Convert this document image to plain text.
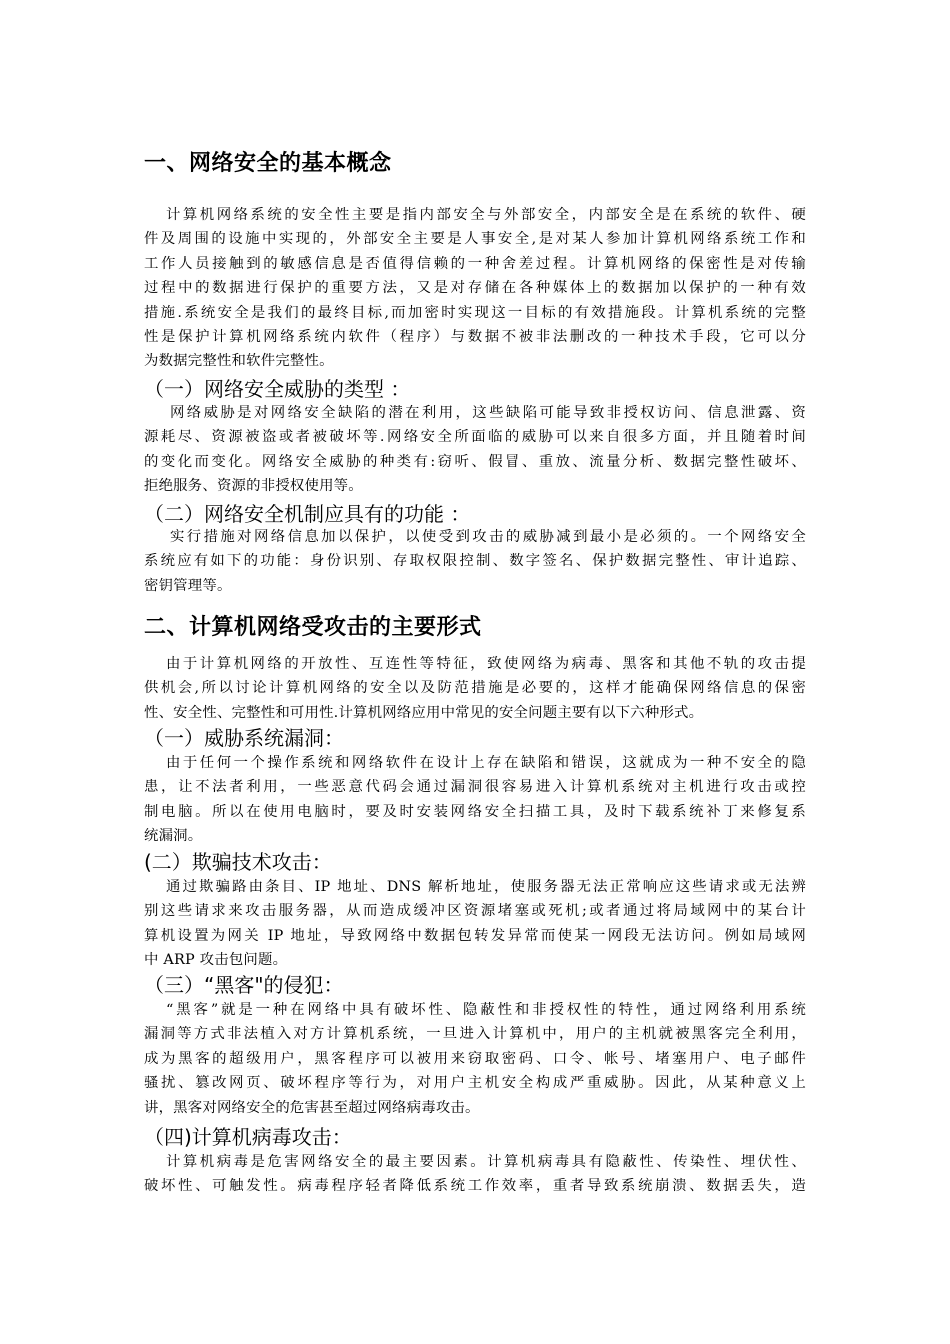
一、网络安全的基本概念
计算机网络系统的安全性主要是指内部安全与外部安全，内部安全是在系统的软件、硬
件及周围的设施中实现的，外部安全主要是人事安全,是对某人参加计算机网络系统工作和
工作人员接触到的敏感信息是否值得信赖的一种舍差过程。计算机网络的保密性是对传输
过程中的数据进行保护的重要方法，又是对存储在各种媒体上的数据加以保护的一种有效
措施.系统安全是我们的最终目标,而加密时实现这一目标的有效措施段。计算机系统的完整
性是保护计算机网络系统内软件（程序）与数据不被非法删改的一种技术手段，它可以分
为数据完整性和软件完整性。
（一）网络安全威胁的类型 ：
网络威胁是对网络安全缺陷的潜在利用，这些缺陷可能导致非授权访问、信息泄露、资
源耗尽、资源被盗或者被破坏等.网络安全所面临的威胁可以来自很多方面，并且随着时间
的变化而变化。网络安全威胁的种类有:窃听、假冒、重放、流量分析、数据完整性破坏、
拒绝服务、资源的非授权使用等。
（二）网络安全机制应具有的功能 ：
实行措施对网络信息加以保护，以使受到攻击的威胁减到最小是必须的。一个网络安全
系统应有如下的功能：身份识别、存取权限控制、数字签名、保护数据完整性、审计追踪、
密钥管理等。
二、计算机网络受攻击的主要形式
由于计算机网络的开放性、互连性等特征，致使网络为病毒、黑客和其他不轨的攻击提
供机会,所以讨论计算机网络的安全以及防范措施是必要的，这样才能确保网络信息的保密
性、安全性、完整性和可用性.计算机网络应用中常见的安全问题主要有以下六种形式。
（一）威胁系统漏洞：
由于任何一个操作系统和网络软件在设计上存在缺陷和错误，这就成为一种不安全的隐
患，让不法者利用，一些恶意代码会通过漏洞很容易进入计算机系统对主机进行攻击或控
制电脑。所以在使用电脑时，要及时安装网络安全扫描工具，及时下载系统补丁来修复系
统漏洞。
(二）欺骗技术攻击：
通过欺骗路由条目、IP 地址、DNS 解析地址，使服务器无法正常响应这些请求或无法辨
别这些请求来攻击服务器，从而造成缓冲区资源堵塞或死机;或者通过将局域网中的某台计
算机设置为网关 IP 地址，导致网络中数据包转发异常而使某一网段无法访问。例如局域网
中 ARP 攻击包问题。
（三）“黑客"的侵犯：
“黑客”就是一种在网络中具有破坏性、隐蔽性和非授权性的特性，通过网络利用系统
漏洞等方式非法植入对方计算机系统，一旦进入计算机中，用户的主机就被黑客完全利用，
成为黑客的超级用户，黑客程序可以被用来窃取密码、口令、帐号、堵塞用户、电子邮件
骚扰、篡改网页、破坏程序等行为，对用户主机安全构成严重威胁。因此，从某种意义上
讲，黑客对网络安全的危害甚至超过网络病毒攻击。
（四)计算机病毒攻击：
计算机病毒是危害网络安全的最主要因素。计算机病毒具有隐蔽性、传染性、埋伏性、
破坏性、可触发性。病毒程序轻者降低系统工作效率，重者导致系统崩溃、数据丢失，造
